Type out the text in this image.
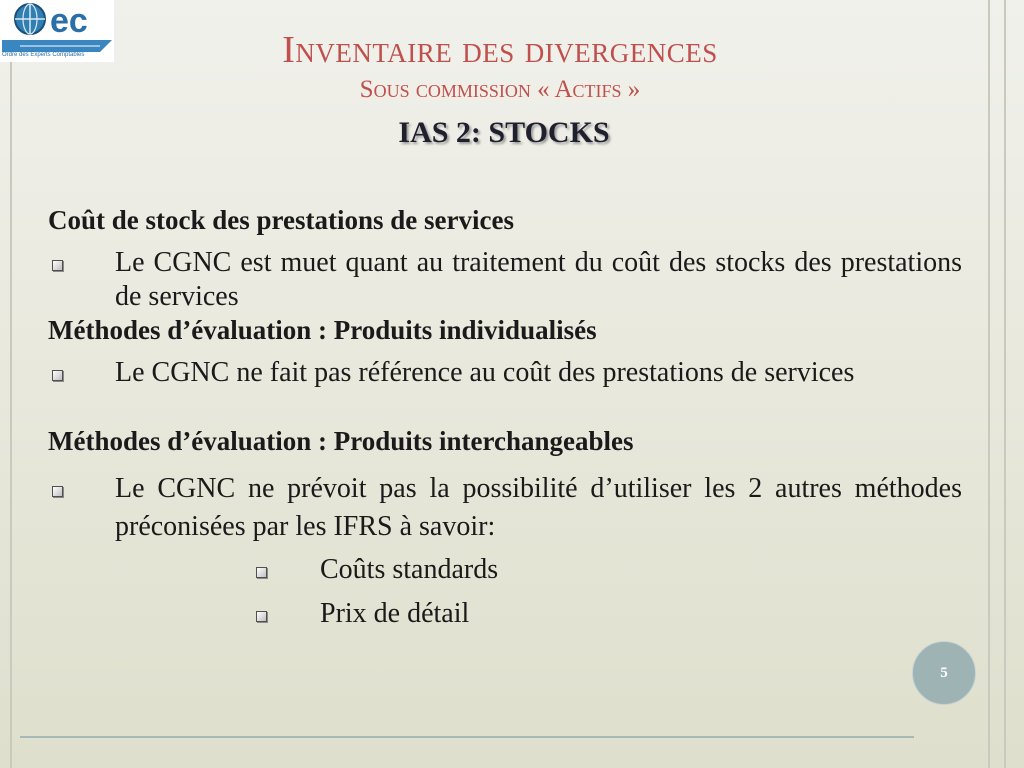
ec
Ordre des Experts Comptables	Inventaire des divergences
Sous commission « Actifs »
IAS 2: STOCKS
Coût de stock des prestations de services
Le CGNC est muet quant au traitement du coût des stocks des prestations de services
Méthodes d’évaluation : Produits individualisés
Le CGNC ne fait pas référence au coût des prestations de services
Méthodes d’évaluation : Produits interchangeables
Le CGNC ne prévoit pas la possibilité d’utiliser les 2 autres méthodes préconisées par les IFRS à savoir:
Coûts standards
Prix de détail
5
